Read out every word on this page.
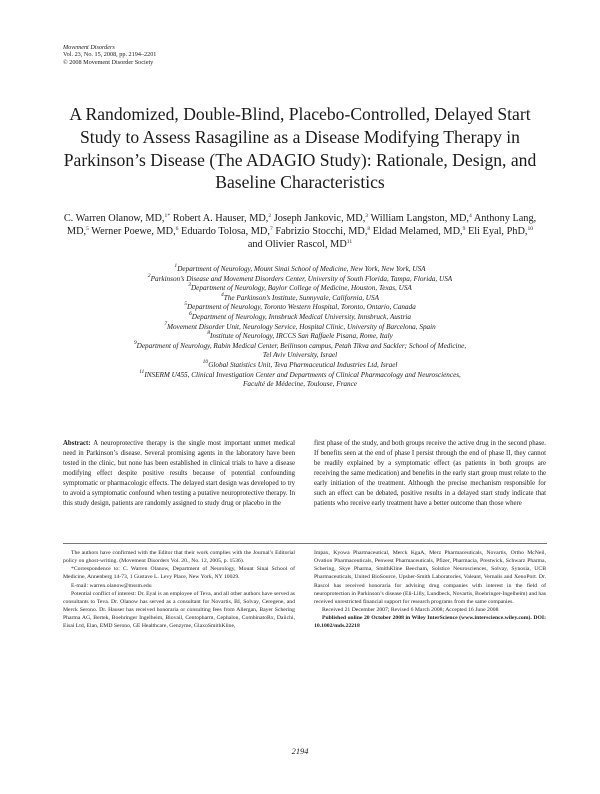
Movement Disorders
Vol. 23, No. 15, 2008, pp. 2194–2201
© 2008 Movement Disorder Society
A Randomized, Double-Blind, Placebo-Controlled, Delayed Start Study to Assess Rasagiline as a Disease Modifying Therapy in Parkinson’s Disease (The ADAGIO Study): Rationale, Design, and Baseline Characteristics
C. Warren Olanow, MD,$^{1*}$ Robert A. Hauser, MD,$^2$ Joseph Jankovic, MD,$^3$ William Langston, MD,$^4$ Anthony Lang, MD,$^5$ Werner Poewe, MD,$^6$ Eduardo Tolosa, MD,$^7$ Fabrizio Stocchi, MD,$^8$ Eldad Melamed, MD,$^9$ Eli Eyal, PhD,$^{10}$ and Olivier Rascol, MD$^{11}$
$^1$Department of Neurology, Mount Sinai School of Medicine, New York, New York, USA
$^2$Parkinson’s Disease and Movement Disorders Center, University of South Florida, Tampa, Florida, USA
$^3$Department of Neurology, Baylor College of Medicine, Houston, Texas, USA
$^4$The Parkinson’s Institute, Sunnyvale, California, USA
$^5$Department of Neurology, Toronto Western Hospital, Toronto, Ontario, Canada
$^6$Department of Neurology, Innsbruck Medical University, Innsbruck, Austria
$^7$Movement Disorder Unit, Neurology Service, Hospital Clinic, University of Barcelona, Spain
$^8$Institute of Neurology, IRCCS San Raffaele Pisana, Rome, Italy
$^9$Department of Neurology, Rabin Medical Center, Beilinson campus, Petah Tikva and Sackler; School of Medicine,
Tel Aviv University, Israel
$^{10}$Global Statistics Unit, Teva Pharmaceutical Industries Ltd, Israel
$^{11}$INSERM U455, Clinical Investigation Center and Departments of Clinical Pharmacology and Neurosciences,
Faculté de Médecine, Toulouse, France
Abstract: A neuroprotective therapy is the single most important unmet medical need in Parkinson’s disease. Several promising agents in the laboratory have been tested in the clinic, but none has been established in clinical trials to have a disease modifying effect despite positive results because of potential confounding symptomatic or pharmacologic effects. The delayed start design was developed to try to avoid a symptomatic confound when testing a putative neuroprotective therapy. In this study design, patients are randomly assigned to study drug or placebo in the
first phase of the study, and both groups receive the active drug in the second phase. If benefits seen at the end of phase I persist through the end of phase II, they cannot be readily explained by a symptomatic effect (as patients in both groups are receiving the same medication) and benefits in the early start group must relate to the early initiation of the treatment. Although the precise mechanism responsible for such an effect can be debated, positive results in a delayed start study indicate that patients who receive early treatment have a better outcome than those where

The authors have confirmed with the Editor that their work complies with the Journal’s Editorial policy on ghost-writing. (Movement Disorders Vol. 20., No. 12, 2005, p. 1536).

*Correspondence to: C. Warren Olanow, Department of Neurology, Mount Sinai School of Medicine, Annenberg 14-73, 1 Gustave L. Levy Place, New York, NY 10029.

E-mail: warren.olanow@mssm.edu

Potential conflict of interest: Dr. Eyal is an employee of Teva, and all other authors have served as consultants to Teva. Dr. Olanow has served as a consultant for Novartis, BI, Solvay, Ceregene, and Merck Serono. Dr. Hauser has received honoraria or consulting fees from Allergan, Bayer Schering Pharma AG, Bertek, Boehringer Ingelheim, Biovail, Centopharm, Cephalon, CombinatoRx, Daiichi, Eisai Ltd, Elan, EMD Serono, GE Healthcare, Genzyme, GlaxoSmithKline,

Impax, Kyowa Pharmaceutical, Merck KgaA, Merz Pharmaceuticals, Novartis, Ortho McNeil, Ovation Pharmaceuticals, Penwest Pharmaceuticals, Pfizer, Pharmacia, Prestwick, Schwarz Pharma, Schering, Skye Pharma, SmithKline Beecham, Solstice Neurosciences, Solvay, Synosia, UCB Pharmaceuticals, United BioSource, Upsher-Smith Laboratories, Valeant, Vernalis and XenoPort. Dr. Rascol has received honoraria for advising drug companies with interest in the field of neuroprotection in Parkinson’s disease (Eli-Lilly, Lundbeck, Novartis, Boehringer-Ingelheim) and has received unrestricted financial support for research programs from the same companies.

Received 21 December 2007; Revised 6 March 2008; Accepted 16 June 2008

Published online 20 October 2008 in Wiley InterScience (www.interscience.wiley.com). DOI: 10.1002/mds.22218

2194
